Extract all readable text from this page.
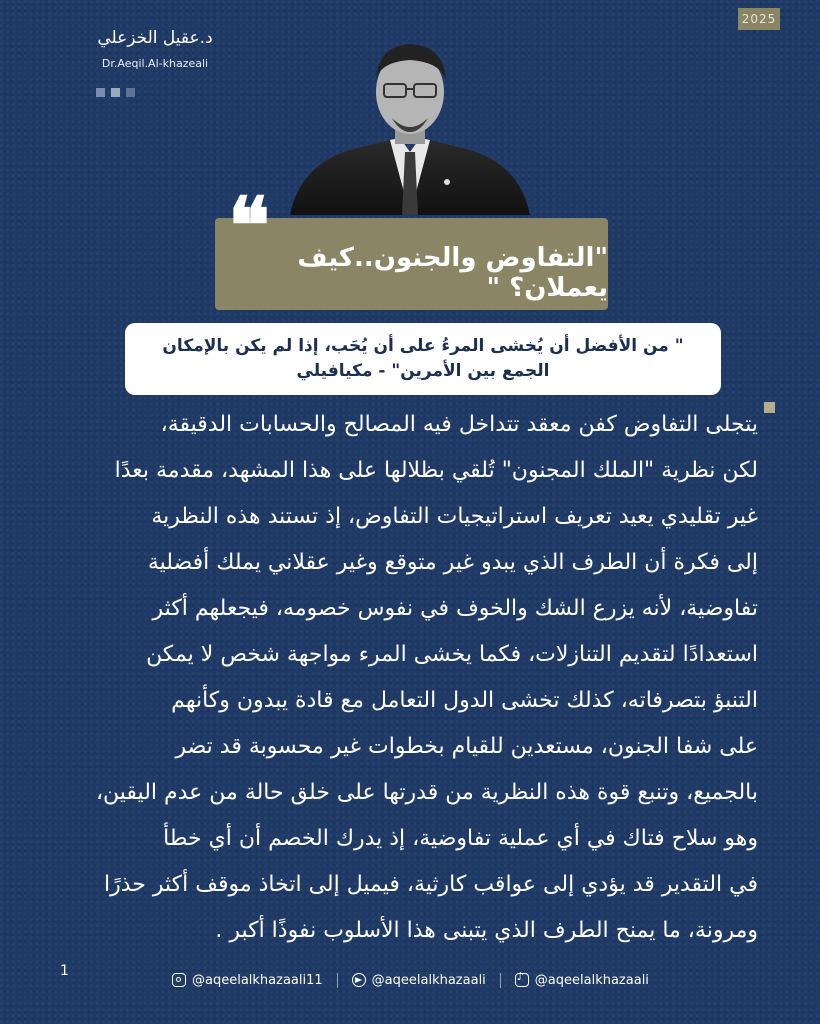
2025
د.عقيل الخزعلي
Dr.Aeqil.Al-khazeali
"التفاوض والجنون..كيف يعملان؟ "
❝
" من الأفضل أن يُخشى المرءُ على أن يُحَب، إذا لم يكن بالإمكان
الجمع بين الأمرين" - مكيافيلي
يتجلى التفاوض كفن معقد تتداخل فيه المصالح والحسابات الدقيقة،
لكن نظرية "الملك المجنون" تُلقي بظلالها على هذا المشهد، مقدمة بعدًا
غير تقليدي يعيد تعريف استراتيجيات التفاوض، إذ تستند هذه النظرية
إلى فكرة أن الطرف الذي يبدو غير متوقع وغير عقلاني يملك أفضلية
تفاوضية، لأنه يزرع الشك والخوف في نفوس خصومه، فيجعلهم أكثر
استعدادًا لتقديم التنازلات، فكما يخشى المرء مواجهة شخص لا يمكن
التنبؤ بتصرفاته، كذلك تخشى الدول التعامل مع قادة يبدون وكأنهم
على شفا الجنون، مستعدين للقيام بخطوات غير محسوبة قد تضر
بالجميع، وتنبع قوة هذه النظرية من قدرتها على خلق حالة من عدم اليقين،
وهو سلاح فتاك في أي عملية تفاوضية، إذ يدرك الخصم أن أي خطأ
في التقدير قد يؤدي إلى عواقب كارثية، فيميل إلى اتخاذ موقف أكثر حذرًا
ومرونة، ما يمنح الطرف الذي يتبنى هذا الأسلوب نفوذًا أكبر .
1
@aqeelalkhazaali11	@aqeelalkhazaali
♪	@aqeelalkhazaali
